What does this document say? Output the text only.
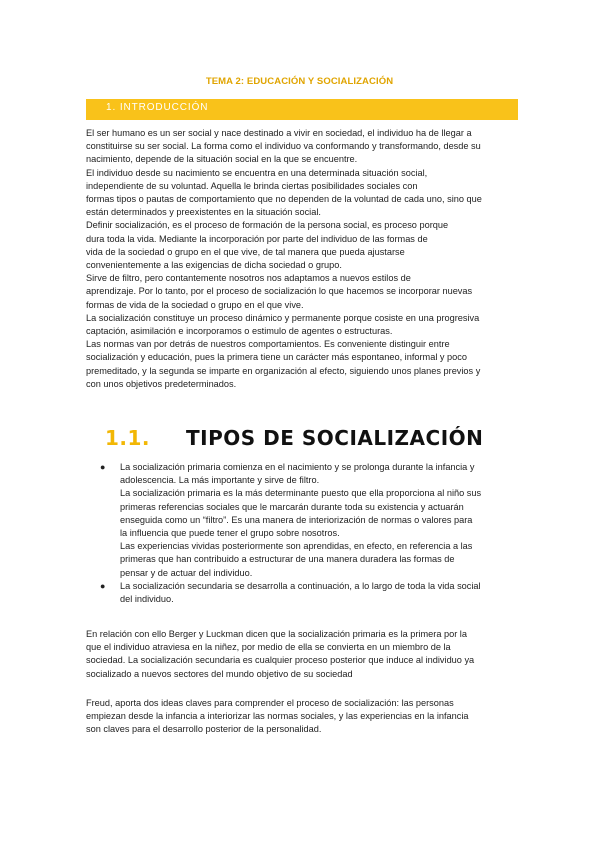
TEMA 2: EDUCACIÓN Y SOCIALIZACIÓN
1. INTRODUCCIÓN
El ser humano es un ser social y nace destinado a vivir en sociedad, el individuo ha de llegar a
constituirse su ser social. La forma como el individuo va conformando y transformando, desde su
nacimiento, depende de la situación social en la que se encuentre.
El individuo desde su nacimiento se encuentra en una determinada situación social,
independiente de su voluntad. Aquella le brinda ciertas posibilidades sociales con
formas tipos o pautas de comportamiento que no dependen de la voluntad de cada uno, sino que
están determinados y preexistentes en la situación social.
Definir socialización, es el proceso de formación de la persona social, es proceso porque
dura toda la vida. Mediante la incorporación por parte del individuo de las formas de
vida de la sociedad o grupo en el que vive, de tal manera que pueda ajustarse
convenientemente a las exigencias de dicha sociedad o grupo.
Sirve de filtro, pero contantemente nosotros nos adaptamos a nuevos estilos de
aprendizaje. Por lo tanto, por el proceso de socialización lo que hacemos se incorporar nuevas
formas de vida de la sociedad o grupo en el que vive.
La socialización constituye un proceso dinámico y permanente porque cosiste en una progresiva
captación, asimilación e incorporamos o estimulo de agentes o estructuras.
Las normas van por detrás de nuestros comportamientos. Es conveniente distinguir entre
socialización y educación, pues la primera tiene un carácter más espontaneo, informal y poco
premeditado, y la segunda se imparte en organización al efecto, siguiendo unos planes previos y
con unos objetivos predeterminados.
1.1. TIPOS DE SOCIALIZACIÓN
● La socialización primaria comienza en el nacimiento y se prolonga durante la infancia y
adolescencia. La más importante y sirve de filtro.
La socialización primaria es la más determinante puesto que ella proporciona al niño sus
primeras referencias sociales que le marcarán durante toda su existencia y actuarán
enseguida como un “filtro”. Es una manera de interiorización de normas o valores para
la influencia que puede tener el grupo sobre nosotros.
Las experiencias vividas posteriormente son aprendidas, en efecto, en referencia a las
primeras que han contribuido a estructurar de una manera duradera las formas de
pensar y de actuar del individuo.
● La socialización secundaria se desarrolla a continuación, a lo largo de toda la vida social
del individuo.
En relación con ello Berger y Luckman dicen que la socialización primaria es la primera por la
que el individuo atraviesa en la niñez, por medio de ella se convierta en un miembro de la
sociedad. La socialización secundaria es cualquier proceso posterior que induce al individuo ya
socializado a nuevos sectores del mundo objetivo de su sociedad
Freud, aporta dos ideas claves para comprender el proceso de socialización: las personas
empiezan desde la infancia a interiorizar las normas sociales, y las experiencias en la infancia
son claves para el desarrollo posterior de la personalidad.
